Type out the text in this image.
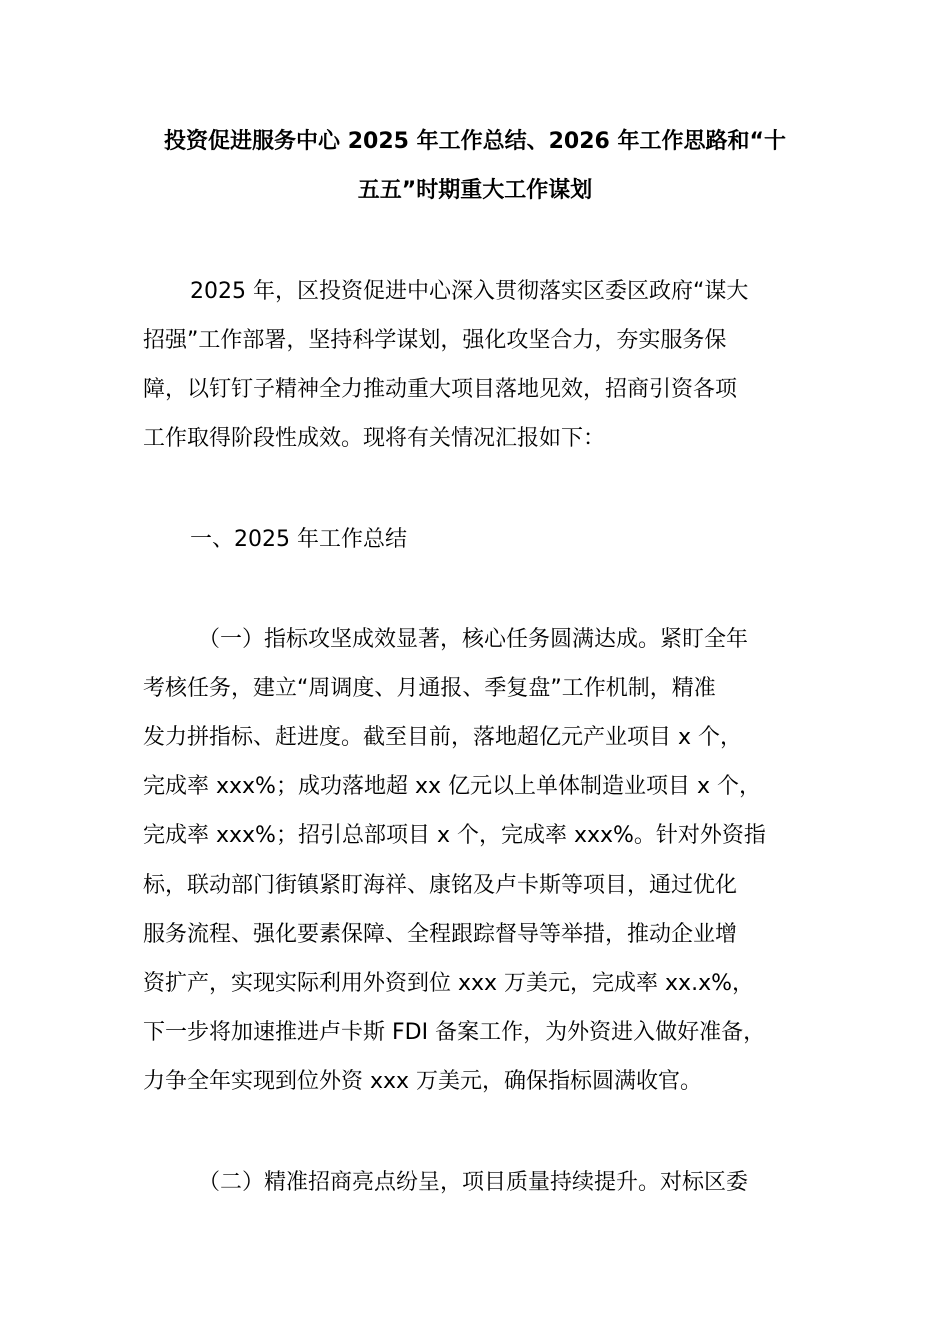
投资促进服务中心 2025 年工作总结、2026 年工作思路和“十
五五”时期重大工作谋划

2025 年，区投资促进中心深入贯彻落实区委区政府“谋大

招强”工作部署，坚持科学谋划，强化攻坚合力，夯实服务保

障，以钉钉子精神全力推动重大项目落地见效，招商引资各项

工作取得阶段性成效。现将有关情况汇报如下：

一、2025 年工作总结

（一）指标攻坚成效显著，核心任务圆满达成。紧盯全年

考核任务，建立“周调度、月通报、季复盘”工作机制，精准

发力拼指标、赶进度。截至目前，落地超亿元产业项目 x 个，

完成率 xxx%；成功落地超 xx 亿元以上单体制造业项目 x 个，

完成率 xxx%；招引总部项目 x 个，完成率 xxx%。针对外资指

标，联动部门街镇紧盯海祥、康铭及卢卡斯等项目，通过优化

服务流程、强化要素保障、全程跟踪督导等举措，推动企业增

资扩产，实现实际利用外资到位 xxx 万美元，完成率 xx.x%，

下一步将加速推进卢卡斯 FDI 备案工作，为外资进入做好准备，

力争全年实现到位外资 xxx 万美元，确保指标圆满收官。

（二）精准招商亮点纷呈，项目质量持续提升。对标区委
